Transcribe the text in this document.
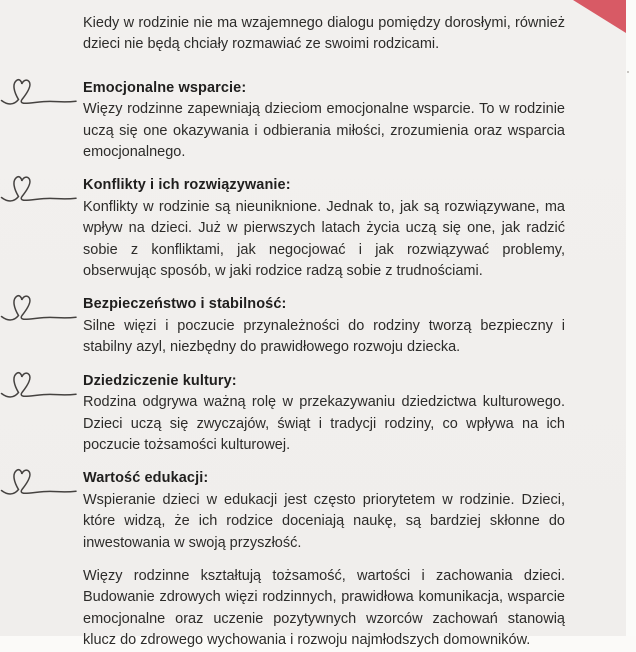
Kiedy w rodzinie nie ma wzajemnego dialogu pomiędzy dorosłymi, również dzieci nie będą chciały rozmawiać ze swoimi rodzicami.

Emocjonalne wsparcie:

Więzy rodzinne zapewniają dzieciom emocjonalne wsparcie. To w rodzinie uczą się one okazywania i odbierania miłości, zrozumienia oraz wsparcia emocjonalnego.

Konflikty i ich rozwiązywanie:

Konflikty w rodzinie są nieuniknione. Jednak to, jak są rozwiązywane, ma wpływ na dzieci. Już w pierwszych latach życia uczą się one, jak radzić sobie z konfliktami, jak negocjować i jak rozwiązywać problemy, obserwując sposób, w jaki rodzice radzą sobie z trudnościami.

Bezpieczeństwo i stabilność:

Silne więzi i poczucie przynależności do rodziny tworzą bezpieczny i stabilny azyl, niezbędny do prawidłowego rozwoju dziecka.

Dziedziczenie kultury:

Rodzina odgrywa ważną rolę w przekazywaniu dziedzictwa kulturowego. Dzieci uczą się zwyczajów, świąt i tradycji rodziny, co wpływa na ich poczucie tożsamości kulturowej.

Wartość edukacji:

Wspieranie dzieci w edukacji jest często priorytetem w rodzinie. Dzieci, które widzą, że ich rodzice doceniają naukę, są bardziej skłonne do inwestowania w swoją przyszłość.

Więzy rodzinne kształtują tożsamość, wartości i zachowania dzieci. Budowanie zdrowych więzi rodzinnych, prawidłowa komunikacja, wsparcie emocjonalne oraz uczenie pozytywnych wzorców zachowań stanowią klucz do zdrowego wychowania i rozwoju najmłodszych domowników.
